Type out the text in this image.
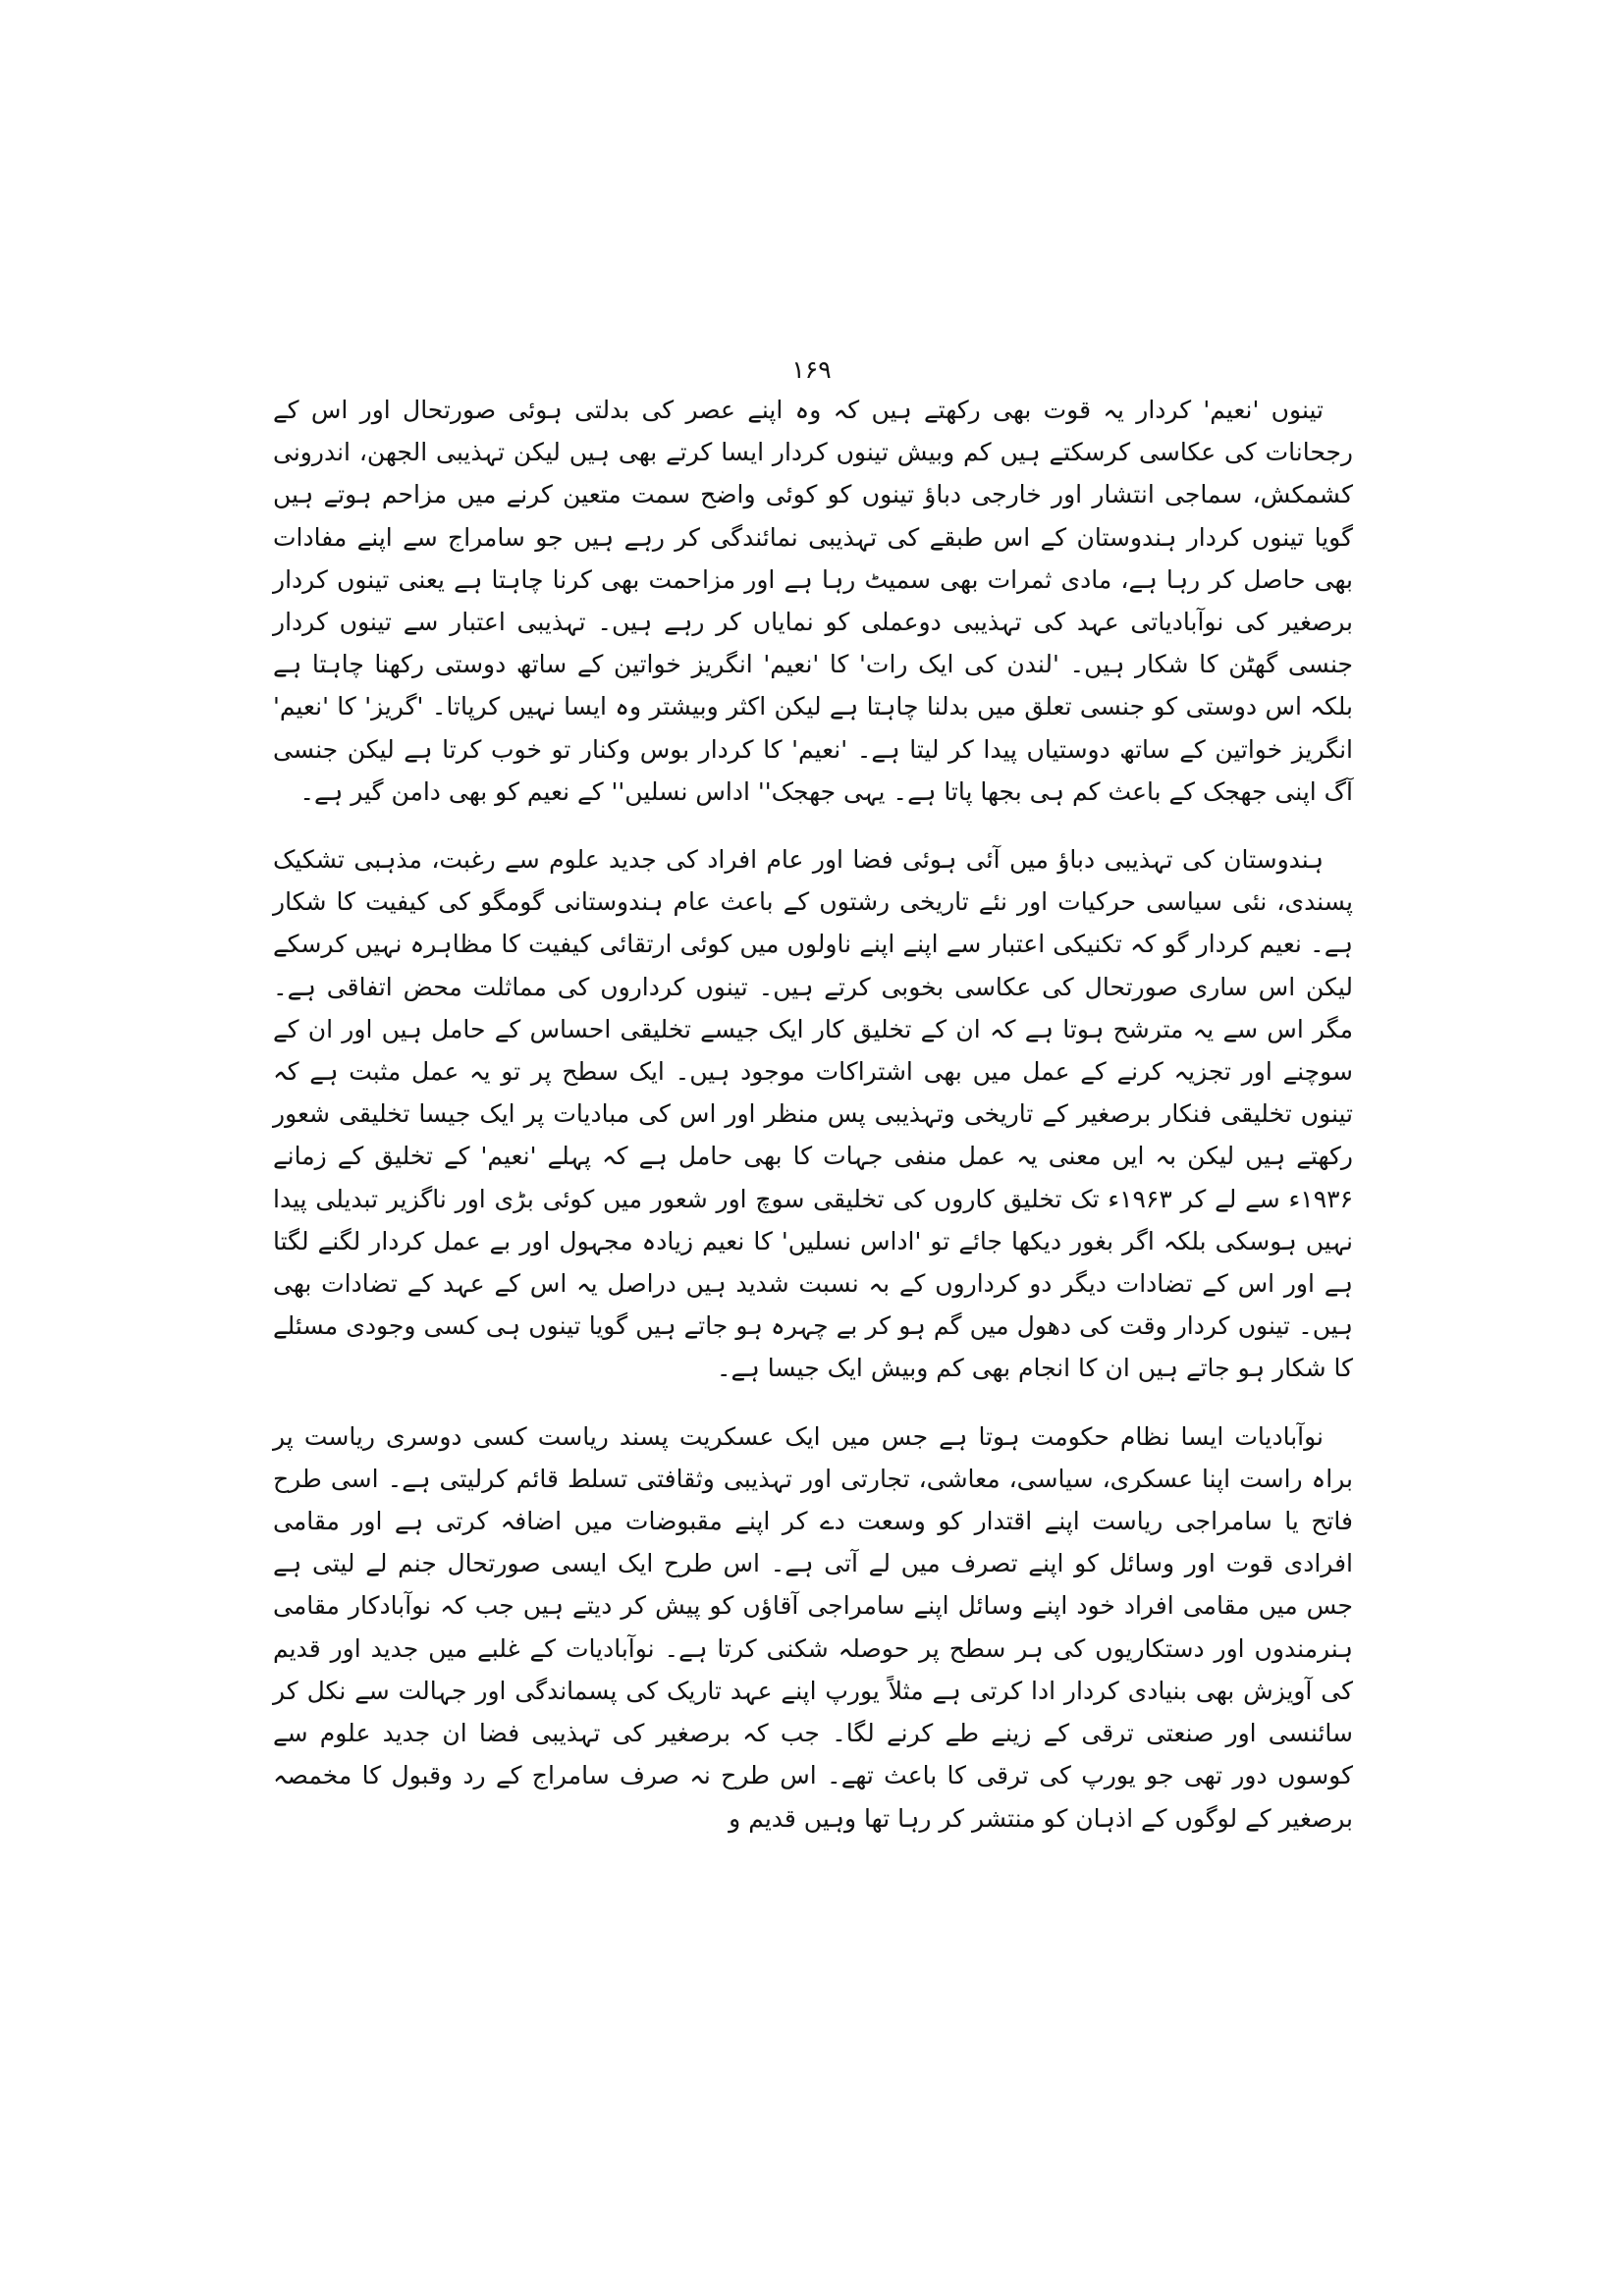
۱۶۹

تینوں 'نعیم' کردار یہ قوت بھی رکھتے ہیں کہ وہ اپنے عصر کی بدلتی ہوئی صورتحال اور اس کے رجحانات کی عکاسی کرسکتے ہیں کم وبیش تینوں کردار ایسا کرتے بھی ہیں لیکن تہذیبی الجھن، اندرونی کشمکش، سماجی انتشار اور خارجی دباؤ تینوں کو کوئی واضح سمت متعین کرنے میں مزاحم ہوتے ہیں گویا تینوں کردار ہندوستان کے اس طبقے کی تہذیبی نمائندگی کر رہے ہیں جو سامراج سے اپنے مفادات بھی حاصل کر رہا ہے، مادی ثمرات بھی سمیٹ رہا ہے اور مزاحمت بھی کرنا چاہتا ہے یعنی تینوں کردار برصغیر کی نوآبادیاتی عہد کی تہذیبی دوعملی کو نمایاں کر رہے ہیں۔ تہذیبی اعتبار سے تینوں کردار جنسی گھٹن کا شکار ہیں۔ 'لندن کی ایک رات' کا 'نعیم' انگریز خواتین کے ساتھ دوستی رکھنا چاہتا ہے بلکہ اس دوستی کو جنسی تعلق میں بدلنا چاہتا ہے لیکن اکثر وبیشتر وہ ایسا نہیں کرپاتا۔ 'گریز' کا 'نعیم' انگریز خواتین کے ساتھ دوستیاں پیدا کر لیتا ہے۔ 'نعیم' کا کردار بوس وکنار تو خوب کرتا ہے لیکن جنسی آگ اپنی جھجک کے باعث کم ہی بجھا پاتا ہے۔ یہی جھجک'' اداس نسلیں'' کے نعیم کو بھی دامن گیر ہے۔

ہندوستان کی تہذیبی دباؤ میں آئی ہوئی فضا اور عام افراد کی جدید علوم سے رغبت، مذہبی تشکیک پسندی، نئی سیاسی حرکیات اور نئے تاریخی رشتوں کے باعث عام ہندوستانی گومگو کی کیفیت کا شکار ہے۔ نعیم کردار گو کہ تکنیکی اعتبار سے اپنے اپنے ناولوں میں کوئی ارتقائی کیفیت کا مظاہرہ نہیں کرسکے لیکن اس ساری صورتحال کی عکاسی بخوبی کرتے ہیں۔ تینوں کرداروں کی مماثلت محض اتفاقی ہے۔ مگر اس سے یہ مترشح ہوتا ہے کہ ان کے تخلیق کار ایک جیسے تخلیقی احساس کے حامل ہیں اور ان کے سوچنے اور تجزیہ کرنے کے عمل میں بھی اشتراکات موجود ہیں۔ ایک سطح پر تو یہ عمل مثبت ہے کہ تینوں تخلیقی فنکار برصغیر کے تاریخی وتہذیبی پس منظر اور اس کی مبادیات پر ایک جیسا تخلیقی شعور رکھتے ہیں لیکن بہ ایں معنی یہ عمل منفی جہات کا بھی حامل ہے کہ پہلے 'نعیم' کے تخلیق کے زمانے ۱۹۳۶ء سے لے کر ۱۹۶۳ء تک تخلیق کاروں کی تخلیقی سوچ اور شعور میں کوئی بڑی اور ناگزیر تبدیلی پیدا نہیں ہوسکی بلکہ اگر بغور دیکھا جائے تو 'اداس نسلیں' کا نعیم زیادہ مجہول اور بے عمل کردار لگنے لگتا ہے اور اس کے تضادات دیگر دو کرداروں کے بہ نسبت شدید ہیں دراصل یہ اس کے عہد کے تضادات بھی ہیں۔ تینوں کردار وقت کی دھول میں گم ہو کر بے چہرہ ہو جاتے ہیں گویا تینوں ہی کسی وجودی مسئلے کا شکار ہو جاتے ہیں ان کا انجام بھی کم وبیش ایک جیسا ہے۔

نوآبادیات ایسا نظام حکومت ہوتا ہے جس میں ایک عسکریت پسند ریاست کسی دوسری ریاست پر براہ راست اپنا عسکری، سیاسی، معاشی، تجارتی اور تہذیبی وثقافتی تسلط قائم کرلیتی ہے۔ اسی طرح فاتح یا سامراجی ریاست اپنے اقتدار کو وسعت دے کر اپنے مقبوضات میں اضافہ کرتی ہے اور مقامی افرادی قوت اور وسائل کو اپنے تصرف میں لے آتی ہے۔ اس طرح ایک ایسی صورتحال جنم لے لیتی ہے جس میں مقامی افراد خود اپنے وسائل اپنے سامراجی آقاؤں کو پیش کر دیتے ہیں جب کہ نوآبادکار مقامی ہنرمندوں اور دستکاریوں کی ہر سطح پر حوصلہ شکنی کرتا ہے۔ نوآبادیات کے غلبے میں جدید اور قدیم کی آویزش بھی بنیادی کردار ادا کرتی ہے مثلاً یورپ اپنے عہد تاریک کی پسماندگی اور جہالت سے نکل کر سائنسی اور صنعتی ترقی کے زینے طے کرنے لگا۔ جب کہ برصغیر کی تہذیبی فضا ان جدید علوم سے کوسوں دور تھی جو یورپ کی ترقی کا باعث تھے۔ اس طرح نہ صرف سامراج کے رد وقبول کا مخمصہ برصغیر کے لوگوں کے اذہان کو منتشر کر رہا تھا وہیں قدیم و
